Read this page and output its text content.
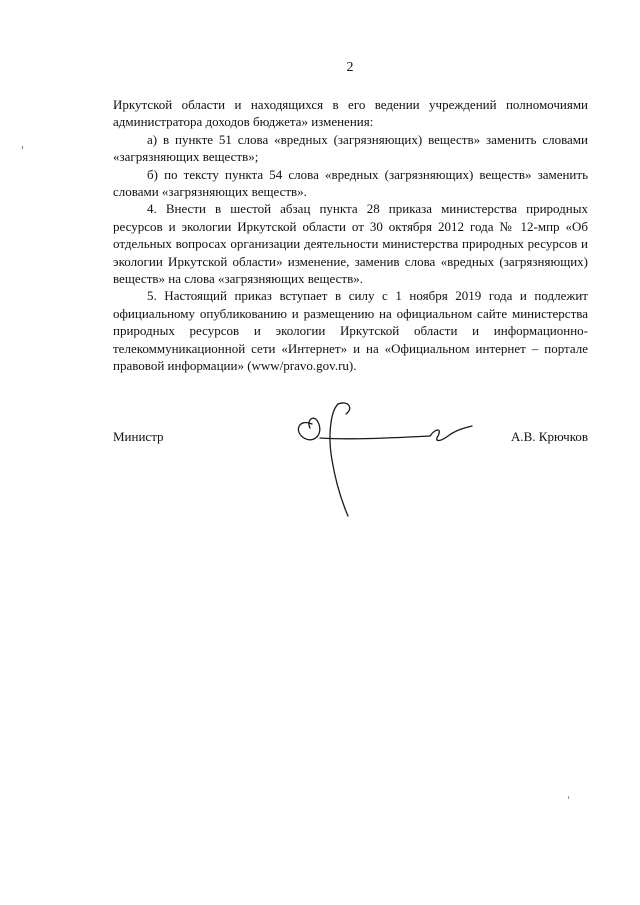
2

Иркутской области и находящихся в его ведении учреждений полномочиями администратора доходов бюджета» изменения:

а) в пункте 51 слова «вредных (загрязняющих) веществ» заменить словами «загрязняющих веществ»;

б) по тексту пункта 54 слова «вредных (загрязняющих) веществ» заменить словами «загрязняющих веществ».

4. Внести в шестой абзац пункта 28 приказа министерства природных ресурсов и экологии Иркутской области от 30 октября 2012 года № 12-мпр «Об отдельных вопросах организации деятельности министерства природных ресурсов и экологии Иркутской области» изменение, заменив слова «вредных (загрязняющих) веществ» на слова «загрязняющих веществ».

5. Настоящий приказ вступает в силу с 1 ноября 2019 года и подлежит официальному опубликованию и размещению на официальном сайте министерства природных ресурсов и экологии Иркутской области и информационно-телекоммуникационной сети «Интернет» и на «Официальном интернет – портале правовой информации» (www/pravo.gov.ru).

Министр	А.В. Крючков
